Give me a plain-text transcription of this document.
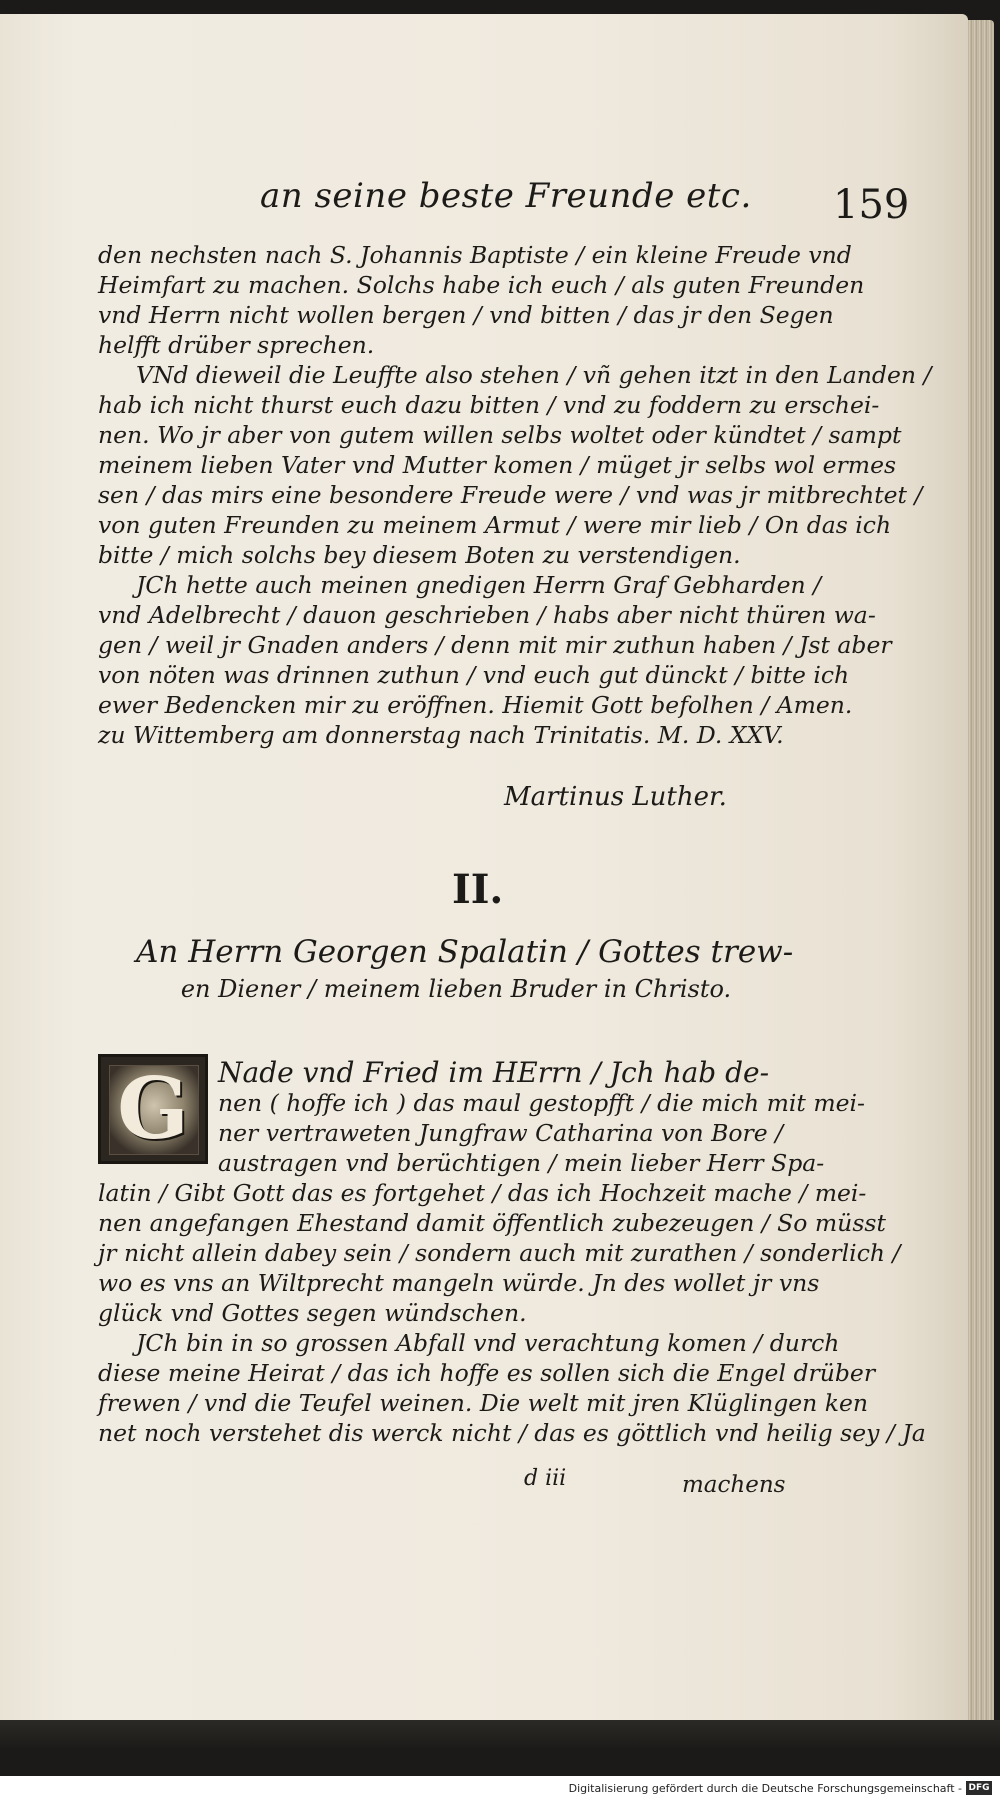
an seine beste Freunde etc. 159
den nechsten nach S. Johannis Baptiste / ein kleine Freude vnd
Heimfart zu machen. Solchs habe ich euch / als guten Freunden
vnd Herrn nicht wollen bergen / vnd bitten / das jr den Segen
helfft drüber sprechen.
VNd dieweil die Leuffte also stehen / vñ gehen itzt in den Landen /
hab ich nicht thurst euch dazu bitten / vnd zu foddern zu erschei-
nen. Wo jr aber von gutem willen selbs woltet oder kündtet / sampt
meinem lieben Vater vnd Mutter komen / müget jr selbs wol ermes
sen / das mirs eine besondere Freude were / vnd was jr mitbrechtet /
von guten Freunden zu meinem Armut / were mir lieb / On das ich
bitte / mich solchs bey diesem Boten zu verstendigen.
JCh hette auch meinen gnedigen Herrn Graf Gebharden /
vnd Adelbrecht / dauon geschrieben / habs aber nicht thüren wa-
gen / weil jr Gnaden anders / denn mit mir zuthun haben / Jst aber
von nöten was drinnen zuthun / vnd euch gut dünckt / bitte ich
ewer Bedencken mir zu eröffnen. Hiemit Gott befolhen / Amen.
zu Wittemberg am donnerstag nach Trinitatis. M. D. XXV.
Martinus Luther.
II.
An Herrn Georgen Spalatin / Gottes trew-
en Diener / meinem lieben Bruder in Christo.
G	Nade vnd Fried im HErrn / Jch hab de-
nen ( hoffe ich ) das maul gestopfft / die mich mit mei-
ner vertraweten Jungfraw Catharina von Bore /
austragen vnd berüchtigen / mein lieber Herr Spa-
latin / Gibt Gott das es fortgehet / das ich Hochzeit mache / mei-
nen angefangen Ehestand damit öffentlich zubezeugen / So müsst
jr nicht allein dabey sein / sondern auch mit zurathen / sonderlich /
wo es vns an Wiltprecht mangeln würde. Jn des wollet jr vns
glück vnd Gottes segen wündschen.
JCh bin in so grossen Abfall vnd verachtung komen / durch
diese meine Heirat / das ich hoffe es sollen sich die Engel drüber
frewen / vnd die Teufel weinen. Die welt mit jren Klüglingen ken
net noch verstehet dis werck nicht / das es göttlich vnd heilig sey / Ja
d iii	machens
Digitalisierung gefördert durch die Deutsche Forschungsgemeinschaft - DFG
